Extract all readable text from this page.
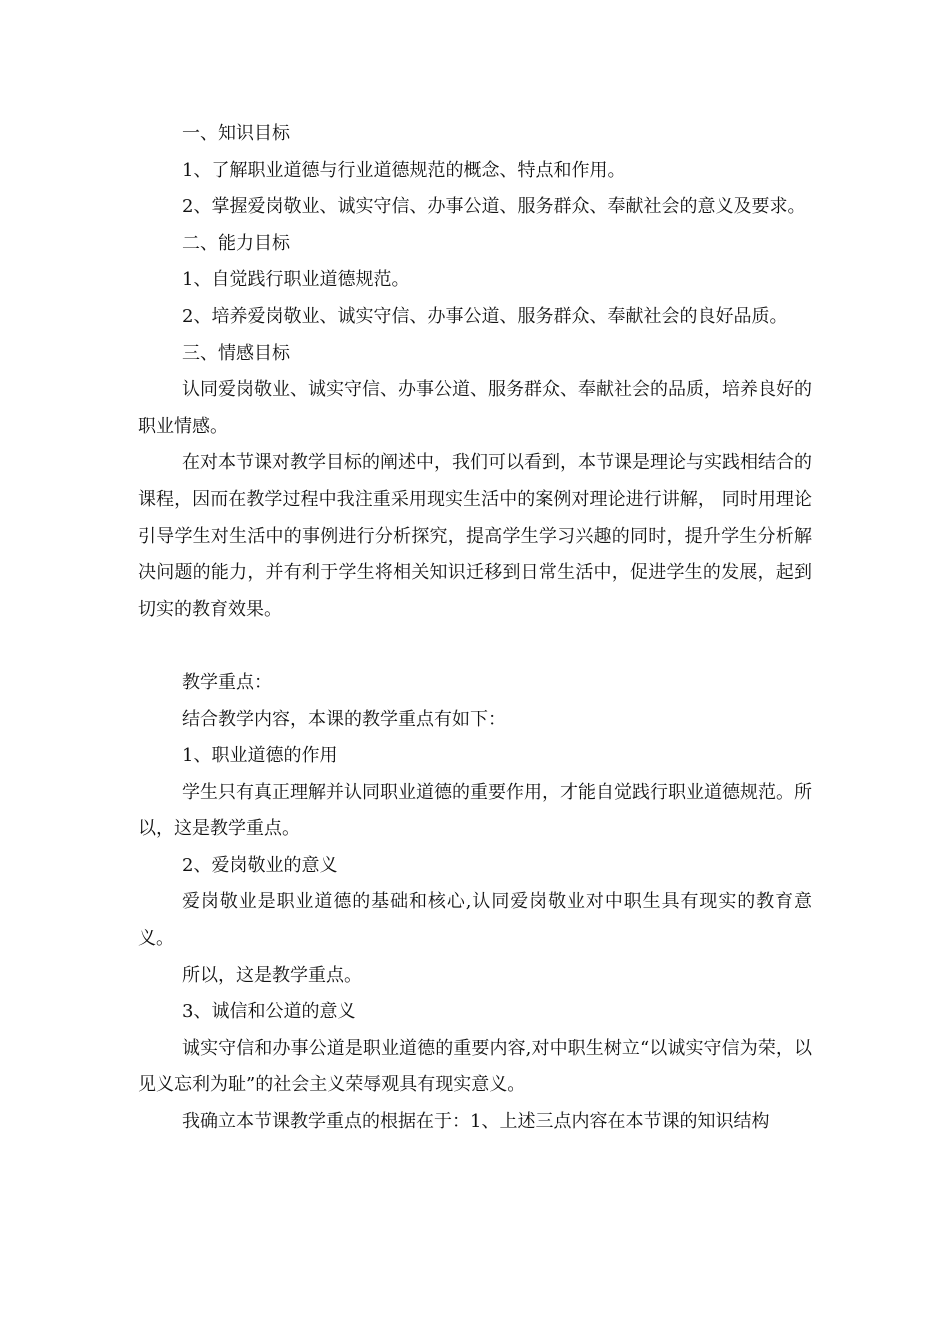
一、知识目标

1、了解职业道德与行业道德规范的概念、特点和作用。

2、掌握爱岗敬业、诚实守信、办事公道、服务群众、奉献社会的意义及要求。

二、能力目标

1、自觉践行职业道德规范。

2、培养爱岗敬业、诚实守信、办事公道、服务群众、奉献社会的良好品质。

三、情感目标

认同爱岗敬业、诚实守信、办事公道、服务群众、奉献社会的品质，培养良好的职业情感。

在对本节课对教学目标的阐述中，我们可以看到，本节课是理论与实践相结合的课程，因而在教学过程中我注重采用现实生活中的案例对理论进行讲解， 同时用理论引导学生对生活中的事例进行分析探究，提高学生学习兴趣的同时，提升学生分析解决问题的能力，并有利于学生将相关知识迁移到日常生活中，促进学生的发展，起到切实的教育效果。

教学重点：

结合教学内容，本课的教学重点有如下：

1、职业道德的作用

学生只有真正理解并认同职业道德的重要作用，才能自觉践行职业道德规范。所以，这是教学重点。

2、爱岗敬业的意义

爱岗敬业是职业道德的基础和核心,认同爱岗敬业对中职生具有现实的教育意义。

所以，这是教学重点。

3、诚信和公道的意义

诚实守信和办事公道是职业道德的重要内容,对中职生树立“以诚实守信为荣，以见义忘利为耻”的社会主义荣辱观具有现实意义。

我确立本节课教学重点的根据在于：1、上述三点内容在本节课的知识结构
